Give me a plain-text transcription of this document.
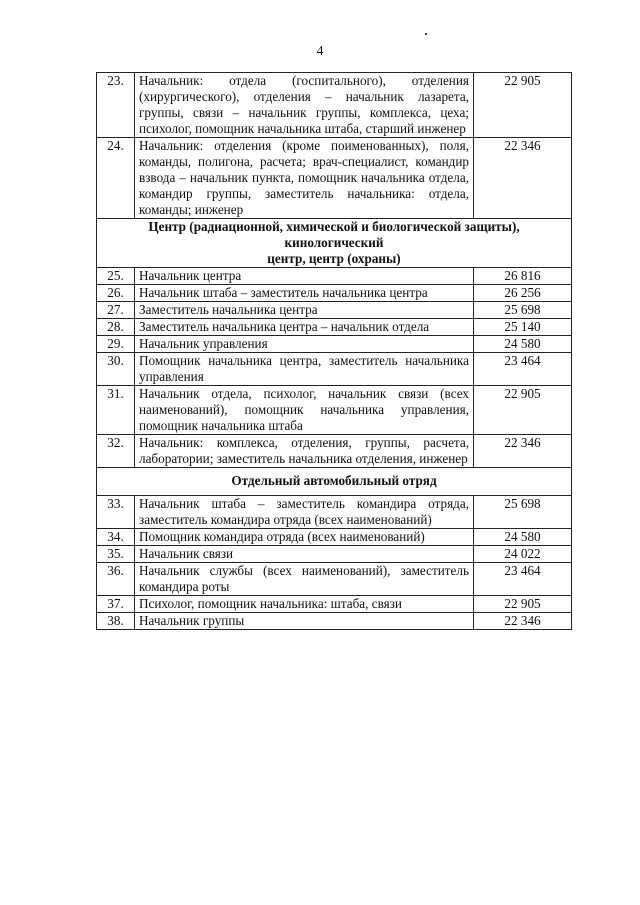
4
23.	Начальник: отдела (госпитального), отделения (хирургического), отделения – начальник лазарета, группы, связи – начальник группы, комплекса, цеха; психолог, помощник начальника штаба, старший инженер	22 905
24.	Начальник: отделения (кроме поименованных), поля, команды, полигона, расчета; врач-специалист, командир взвода – начальник пункта, помощник начальника отдела, командир группы, заместитель начальника: отдела, команды; инженер	22 346

Центр (радиационной, химической и биологической защиты),
кинологический
центр, центр (охраны)		

25.	Начальник центра	26 816
26.	Начальник штаба – заместитель начальника центра	26 256
27.	Заместитель начальника центра	25 698
28.	Заместитель начальника центра – начальник отдела	25 140
29.	Начальник управления	24 580
30.	Помощник начальника центра, заместитель начальника управления	23 464
31.	Начальник отдела, психолог, начальник связи (всех наименований), помощник начальника управления, помощник начальника штаба	22 905
32.	Начальник: комплекса, отделения, группы, расчета, лаборатории; заместитель начальника отделения, инженер	22 346

Отдельный автомобильный отряд		

33.	Начальник штаба – заместитель командира отряда, заместитель командира отряда (всех наименований)	25 698
34.	Помощник командира отряда (всех наименований)	24 580
35.	Начальник связи	24 022
36.	Начальник службы (всех наименований), заместитель командира роты	23 464
37.	Психолог, помощник начальника: штаба, связи	22 905
38.	Начальник группы	22 346
